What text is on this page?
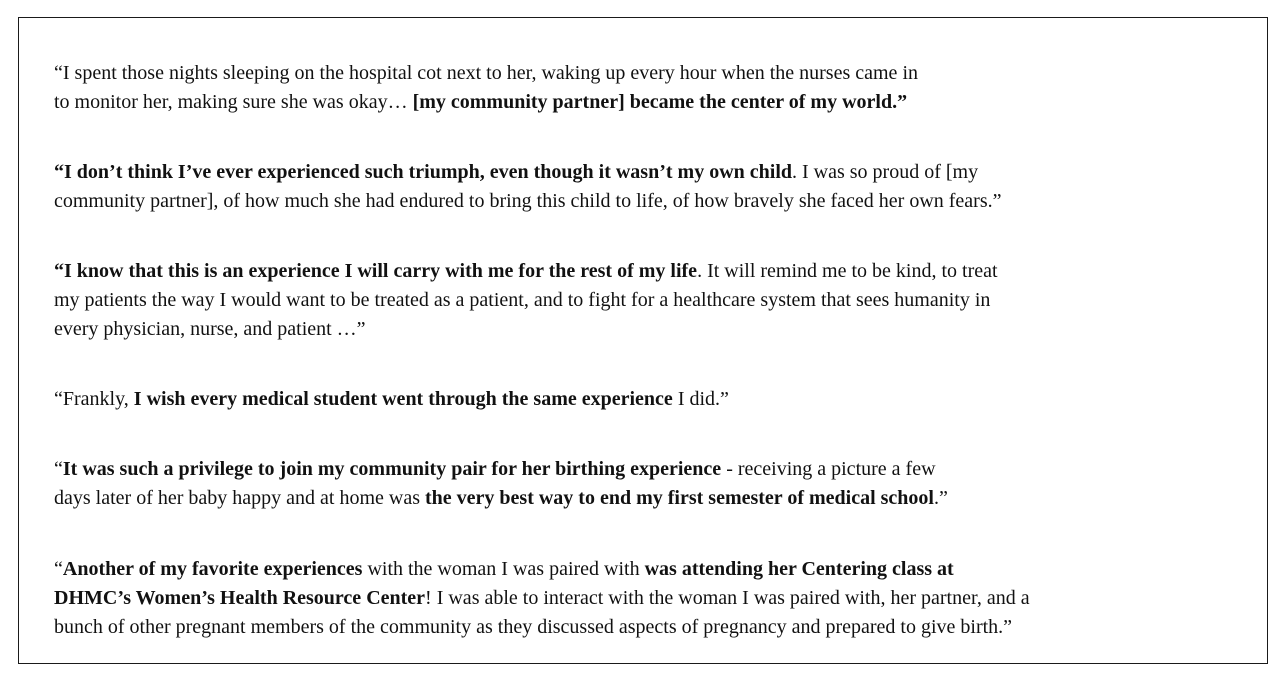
“I spent those nights sleeping on the hospital cot next to her, waking up every hour when the nurses came in
to monitor her, making sure she was okay… [my community partner] became the center of my world.”

“I don’t think I’ve ever experienced such triumph, even though it wasn’t my own child. I was so proud of [my
community partner], of how much she had endured to bring this child to life, of how bravely she faced her own fears.”

“I know that this is an experience I will carry with me for the rest of my life. It will remind me to be kind, to treat
my patients the way I would want to be treated as a patient, and to fight for a healthcare system that sees humanity in
every physician, nurse, and patient …”

“Frankly, I wish every medical student went through the same experience I did.”

“It was such a privilege to join my community pair for her birthing experience - receiving a picture a few
days later of her baby happy and at home was the very best way to end my first semester of medical school.”

“Another of my favorite experiences with the woman I was paired with was attending her Centering class at
DHMC’s Women’s Health Resource Center! I was able to interact with the woman I was paired with, her partner, and a
bunch of other pregnant members of the community as they discussed aspects of pregnancy and prepared to give birth.”
